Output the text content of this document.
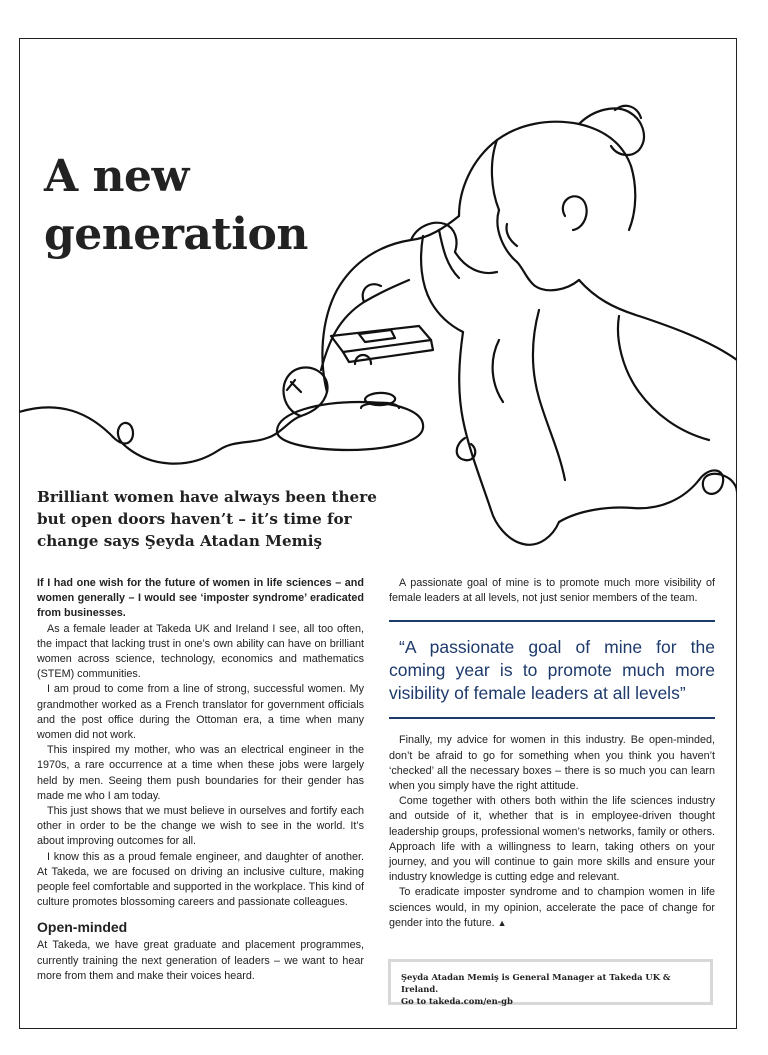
A new generation
Brilliant women have always been there but open doors haven’t – it’s time for change says Şeyda Atadan Memiş

If I had one wish for the future of women in life sciences – and women generally – I would see ‘imposter syndrome’ eradicated from businesses.

As a female leader at Takeda UK and Ireland I see, all too often, the impact that lacking trust in one’s own ability can have on brilliant women across science, technology, economics and mathematics (STEM) communities.

I am proud to come from a line of strong, successful women. My grandmother worked as a French translator for government officials and the post office during the Ottoman era, a time when many women did not work.

This inspired my mother, who was an electrical engineer in the 1970s, a rare occurrence at a time when these jobs were largely held by men. Seeing them push boundaries for their gender has made me who I am today.

This just shows that we must believe in ourselves and fortify each other in order to be the change we wish to see in the world. It’s about improving outcomes for all.

I know this as a proud female engineer, and daughter of another. At Takeda, we are focused on driving an inclusive culture, making people feel comfortable and supported in the workplace. This kind of culture promotes blossoming careers and passionate colleagues.

Open-minded

At Takeda, we have great graduate and placement programmes, currently training the next generation of leaders – we want to hear more from them and make their voices heard.

A passionate goal of mine is to promote much more visibility of female leaders at all levels, not just senior members of the team.

“A passionate goal of mine for the coming year is to promote much more visibility of female leaders at all levels”

Finally, my advice for women in this industry. Be open-minded, don’t be afraid to go for something when you think you haven’t ‘checked’ all the necessary boxes – there is so much you can learn when you simply have the right attitude.

Come together with others both within the life sciences industry and outside of it, whether that is in employee-driven thought leadership groups, professional women’s networks, family or others. Approach life with a willingness to learn, taking others on your journey, and you will continue to gain more skills and ensure your industry knowledge is cutting edge and relevant.

To eradicate imposter syndrome and to champion women in life sciences would, in my opinion, accelerate the pace of change for gender into the future. ▲

Şeyda Atadan Memiş is General Manager at Takeda UK & Ireland.
Go to takeda.com/en-gb
